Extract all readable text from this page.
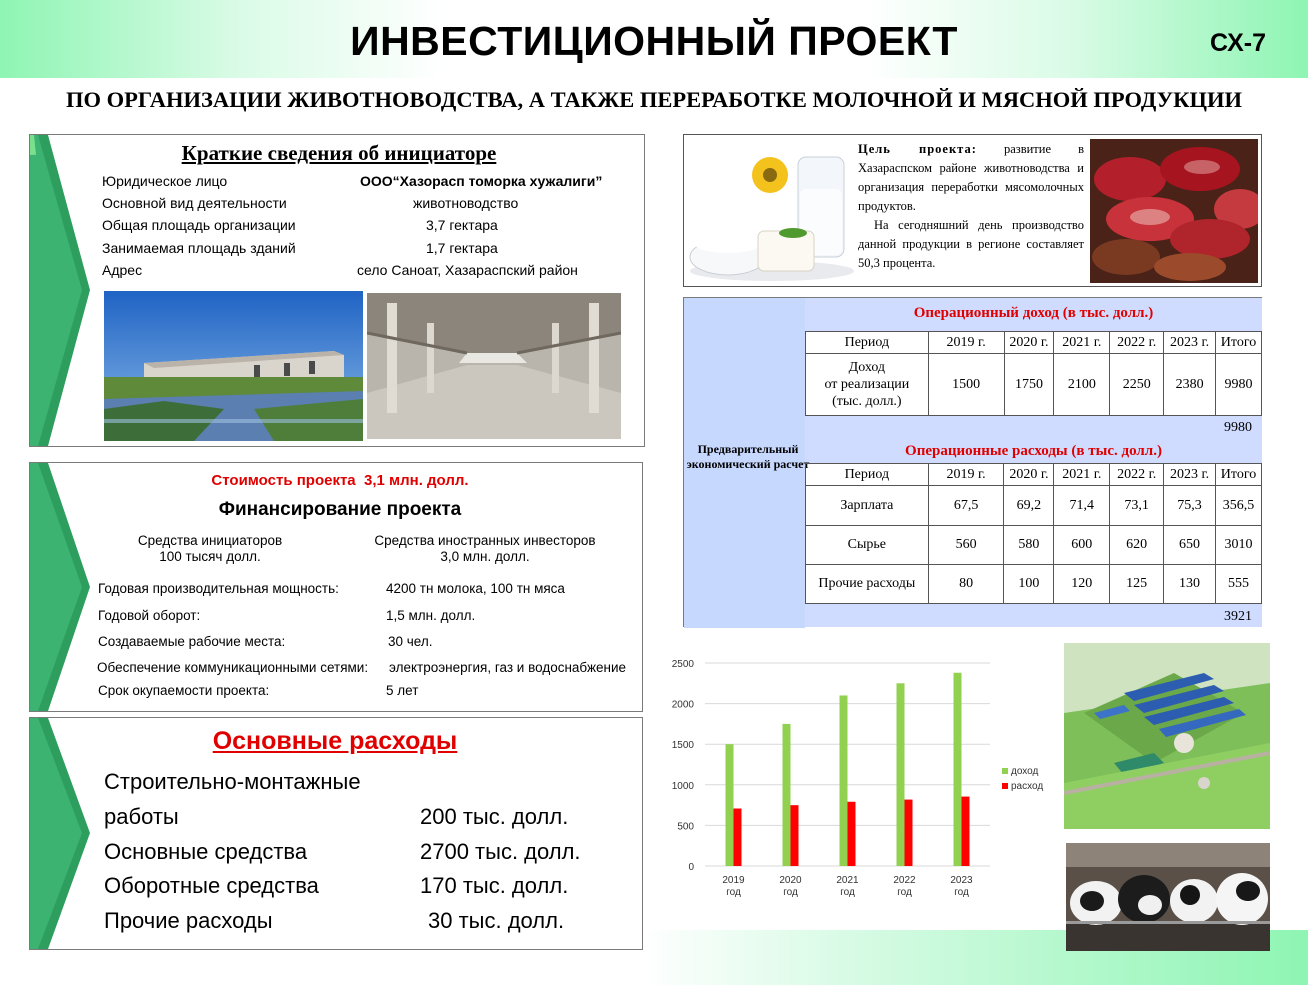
ИНВЕСТИЦИОННЫЙ ПРОЕКТ	СХ-7
ПО ОРГАНИЗАЦИИ ЖИВОТНОВОДСТВА, А ТАКЖЕ ПЕРЕРАБОТКЕ МОЛОЧНОЙ И МЯСНОЙ ПРОДУКЦИИ
Краткие сведения об инициаторе
Юридическое лицо	ООО“Хазорасп томорка хужалиги”
Основной вид деятельности	животноводство
Общая площадь организации	3,7 гектара
Занимаемая площадь зданий	1,7 гектара
Адрес	село Саноат, Хазараспский район
Стоимость проекта  3,1 млн. долл.
Финансирование проекта
Средства инициаторов
100 тысяч долл.
Средства иностранных инвесторов
3,0 млн. долл.
Годовая производительная мощность:	4200 тн молока, 100 тн мяса
Годовой оборот:	1,5 млн. долл.
Создаваемые рабочие места:	30 чел.
Обеспечение коммуникационными сетями: электроэнергия, газ и водоснабжение
Срок окупаемости проекта:	5 лет
Основные расходы
Строительно-монтажные
работы	200 тыс. долл.
Основные средства	2700 тыс. долл.
Оборотные средства	170 тыс. долл.
Прочие расходы	30 тыс. долл.
Цель проекта: развитие в Хазараспском районе животноводства и организация переработки мясомолочных продуктов.
На сегодняшний день производство данной продукции в регионе составляет 50,3 процента.
Предварительный экономический расчет
Операционный доход (в тыс. долл.)
Операционные расходы (в тыс. долл.)
9980
3921
Период	2019 г.	2020 г.	2021 г.	2022 г.	2023 г.	Итого
Доход
от реализации
(тыс. долл.)	1500	1750	2100	2250	2380	9980
Период	2019 г.	2020 г.	2021 г.	2022 г.	2023 г.	Итого
Зарплата	67,5	69,2	71,4	73,1	75,3	356,5
Сырье	560	580	600	620	650	3010
Прочие расходы	80	100	120	125	130	555
0
500
1000
1500
2000
2500
2019
год
2020
год
2021
год
2022
год
2023
год
доход
расход
